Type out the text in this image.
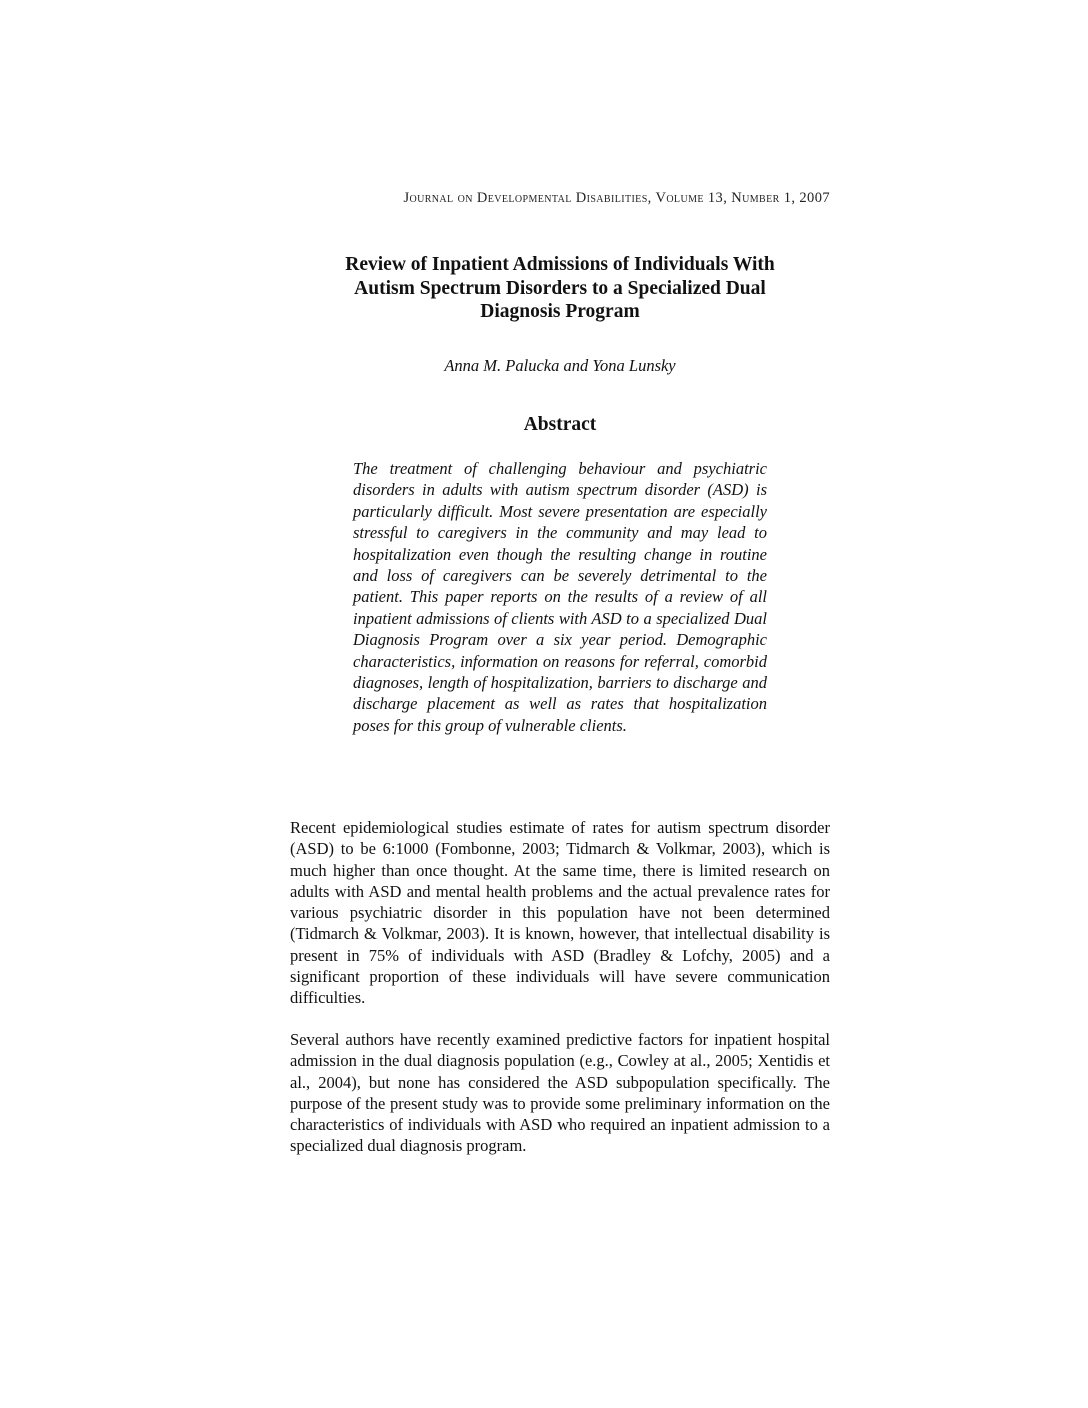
Journal on Developmental Disabilities, Volume 13, Number 1, 2007
Review of Inpatient Admissions of Individuals With
Autism Spectrum Disorders to a Specialized Dual
Diagnosis Program
Anna M. Palucka and Yona Lunsky
Abstract

The treatment of challenging behaviour and psychiatric disorders in adults with autism spectrum disorder (ASD) is particularly difficult. Most severe presentation are especially stressful to caregivers in the community and may lead to hospitalization even though the resulting change in routine and loss of caregivers can be severely detrimental to the patient. This paper reports on the results of a review of all inpatient admissions of clients with ASD to a specialized Dual Diagnosis Program over a six year period. Demographic characteristics, information on reasons for referral, comorbid diagnoses, length of hospitalization, barriers to discharge and discharge placement as well as rates that hospitalization poses for this group of vulnerable clients.

Recent epidemiological studies estimate of rates for autism spectrum disorder (ASD) to be 6:1000 (Fombonne, 2003; Tidmarch & Volkmar, 2003), which is much higher than once thought. At the same time, there is limited research on adults with ASD and mental health problems and the actual prevalence rates for various psychiatric disorder in this population have not been determined (Tidmarch & Volkmar, 2003). It is known, however, that intellectual disability is present in 75% of individuals with ASD (Bradley & Lofchy, 2005) and a significant proportion of these individuals will have severe communication difficulties.

Several authors have recently examined predictive factors for inpatient hospital admission in the dual diagnosis population (e.g., Cowley at al., 2005; Xentidis et al., 2004), but none has considered the ASD subpopulation specifically. The purpose of the present study was to provide some preliminary information on the characteristics of individuals with ASD who required an inpatient admission to a specialized dual diagnosis program.
